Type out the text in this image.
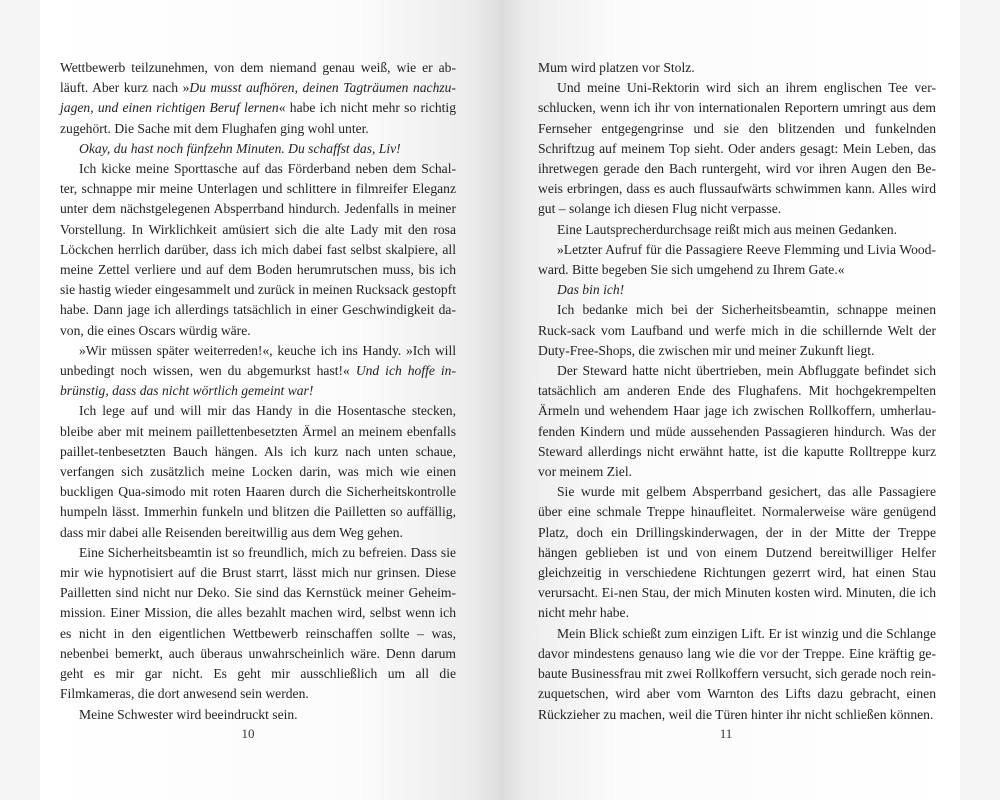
Wettbewerb teilzunehmen, von dem niemand genau weiß, wie er ab-läuft. Aber kurz nach »Du musst aufhören, deinen Tagträumen nachzu-jagen, und einen richtigen Beruf lernen« habe ich nicht mehr so richtig zugehört. Die Sache mit dem Flughafen ging wohl unter.

Okay, du hast noch fünfzehn Minuten. Du schaffst das, Liv!

Ich kicke meine Sporttasche auf das Förderband neben dem Schal-ter, schnappe mir meine Unterlagen und schlittere in filmreifer Eleganz unter dem nächstgelegenen Absperrband hindurch. Jedenfalls in meiner Vorstellung. In Wirklichkeit amüsiert sich die alte Lady mit den rosa Löckchen herrlich darüber, dass ich mich dabei fast selbst skalpiere, all meine Zettel verliere und auf dem Boden herumrutschen muss, bis ich sie hastig wieder eingesammelt und zurück in meinen Rucksack gestopft habe. Dann jage ich allerdings tatsächlich in einer Geschwindigkeit da-von, die eines Oscars würdig wäre.

»Wir müssen später weiterreden!«, keuche ich ins Handy. »Ich will unbedingt noch wissen, wen du abgemurkst hast!« Und ich hoffe in-brünstig, dass das nicht wörtlich gemeint war!

Ich lege auf und will mir das Handy in die Hosentasche stecken, bleibe aber mit meinem paillettenbesetzten Ärmel an meinem ebenfalls paillet-tenbesetzten Bauch hängen. Als ich kurz nach unten schaue, verfangen sich zusätzlich meine Locken darin, was mich wie einen buckligen Qua-simodo mit roten Haaren durch die Sicherheitskontrolle humpeln lässt. Immerhin funkeln und blitzen die Pailletten so auffällig, dass mir dabei alle Reisenden bereitwillig aus dem Weg gehen.

Eine Sicherheitsbeamtin ist so freundlich, mich zu befreien. Dass sie mir wie hypnotisiert auf die Brust starrt, lässt mich nur grinsen. Diese Pailletten sind nicht nur Deko. Sie sind das Kernstück meiner Geheim-mission. Einer Mission, die alles bezahlt machen wird, selbst wenn ich es nicht in den eigentlichen Wettbewerb reinschaffen sollte – was, nebenbei bemerkt, auch überaus unwahrscheinlich wäre. Denn darum geht es mir gar nicht. Es geht mir ausschließlich um all die Filmkameras, die dort anwesend sein werden.

Meine Schwester wird beeindruckt sein.

10

Mum wird platzen vor Stolz.

Und meine Uni-Rektorin wird sich an ihrem englischen Tee ver-schlucken, wenn ich ihr von internationalen Reportern umringt aus dem Fernseher entgegengrinse und sie den blitzenden und funkelnden Schriftzug auf meinem Top sieht. Oder anders gesagt: Mein Leben, das ihretwegen gerade den Bach runtergeht, wird vor ihren Augen den Be-weis erbringen, dass es auch flussaufwärts schwimmen kann. Alles wird gut – solange ich diesen Flug nicht verpasse.

Eine Lautsprecherdurchsage reißt mich aus meinen Gedanken.

»Letzter Aufruf für die Passagiere Reeve Flemming und Livia Wood-ward. Bitte begeben Sie sich umgehend zu Ihrem Gate.«

Das bin ich!

Ich bedanke mich bei der Sicherheitsbeamtin, schnappe meinen Ruck-sack vom Laufband und werfe mich in die schillernde Welt der Duty-Free-Shops, die zwischen mir und meiner Zukunft liegt.

Der Steward hatte nicht übertrieben, mein Abfluggate befindet sich tatsächlich am anderen Ende des Flughafens. Mit hochgekrempelten Ärmeln und wehendem Haar jage ich zwischen Rollkoffern, umherlau-fenden Kindern und müde aussehenden Passagieren hindurch. Was der Steward allerdings nicht erwähnt hatte, ist die kaputte Rolltreppe kurz vor meinem Ziel.

Sie wurde mit gelbem Absperrband gesichert, das alle Passagiere über eine schmale Treppe hinaufleitet. Normalerweise wäre genügend Platz, doch ein Drillingskinderwagen, der in der Mitte der Treppe hängen geblieben ist und von einem Dutzend bereitwilliger Helfer gleichzeitig in verschiedene Richtungen gezerrt wird, hat einen Stau verursacht. Ei-nen Stau, der mich Minuten kosten wird. Minuten, die ich nicht mehr habe.

Mein Blick schießt zum einzigen Lift. Er ist winzig und die Schlange davor mindestens genauso lang wie die vor der Treppe. Eine kräftig ge-baute Businessfrau mit zwei Rollkoffern versucht, sich gerade noch rein-zuquetschen, wird aber vom Warnton des Lifts dazu gebracht, einen Rückzieher zu machen, weil die Türen hinter ihr nicht schließen können.

11
